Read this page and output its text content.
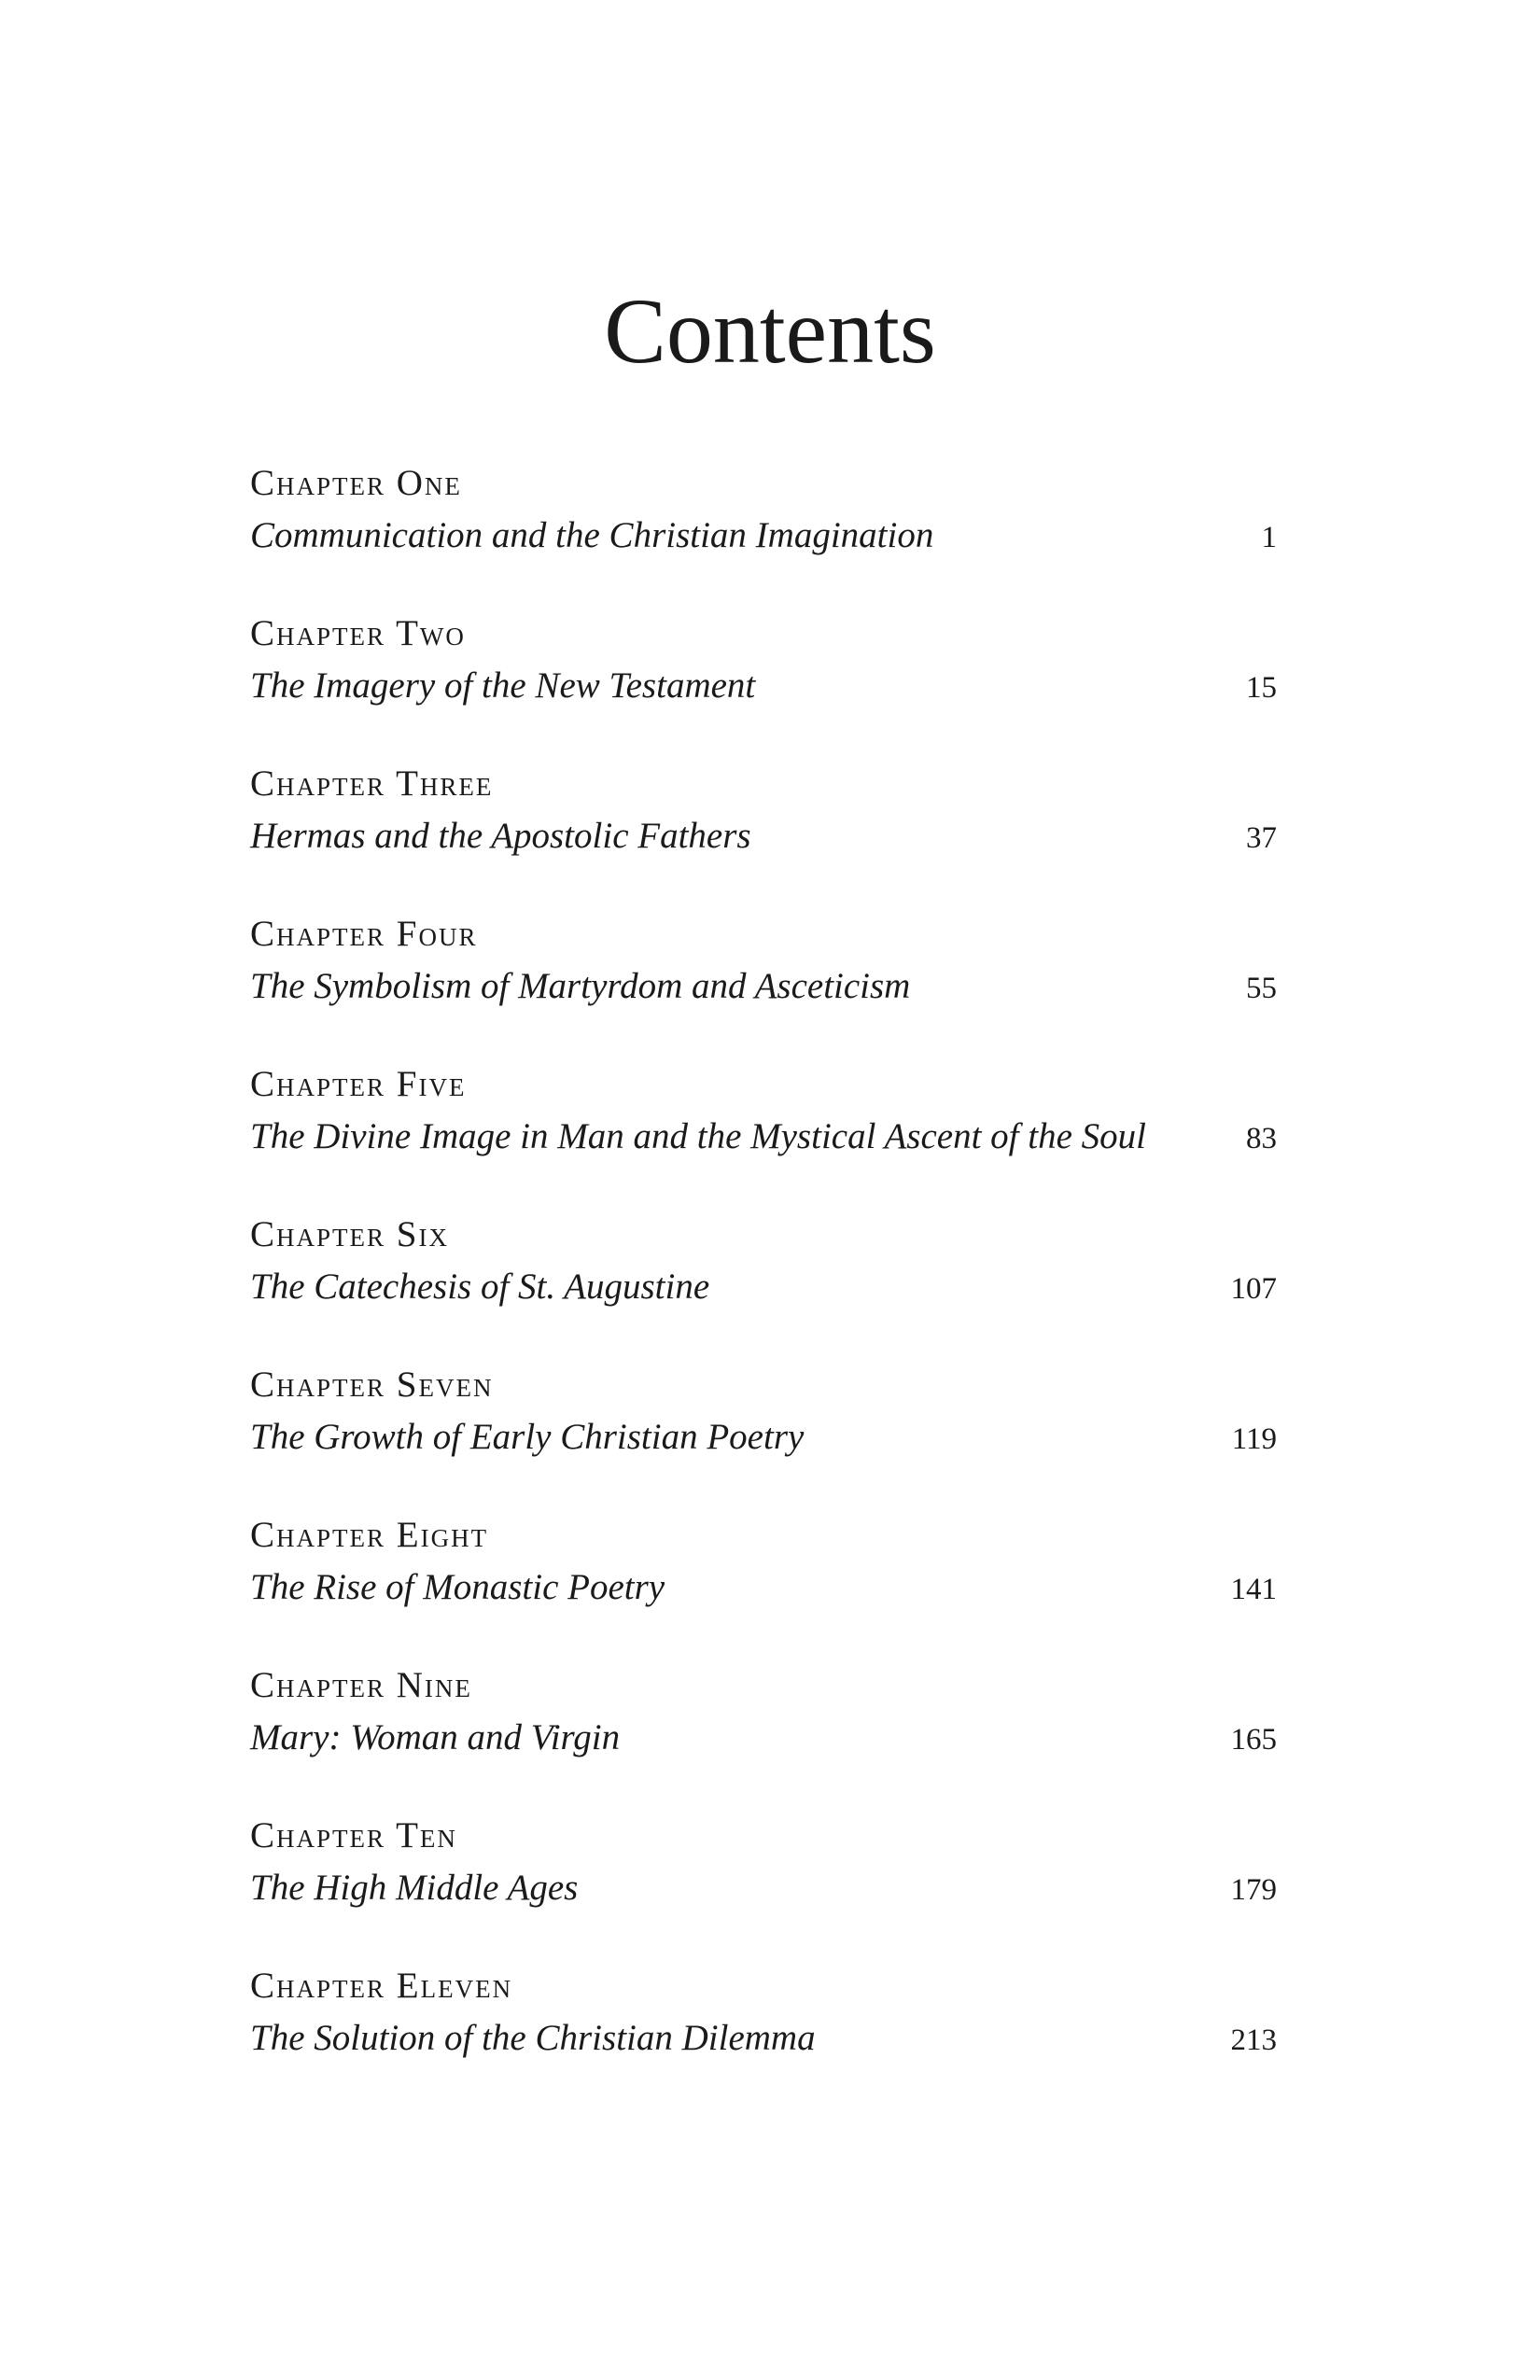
Contents
Chapter One
Communication and the Christian Imagination	1
Chapter Two
The Imagery of the New Testament	15
Chapter Three
Hermas and the Apostolic Fathers	37
Chapter Four
The Symbolism of Martyrdom and Asceticism	55
Chapter Five
The Divine Image in Man and the Mystical Ascent of the Soul	83
Chapter Six
The Catechesis of St. Augustine	107
Chapter Seven
The Growth of Early Christian Poetry	119
Chapter Eight
The Rise of Monastic Poetry	141
Chapter Nine
Mary: Woman and Virgin	165
Chapter Ten
The High Middle Ages	179
Chapter Eleven
The Solution of the Christian Dilemma	213
